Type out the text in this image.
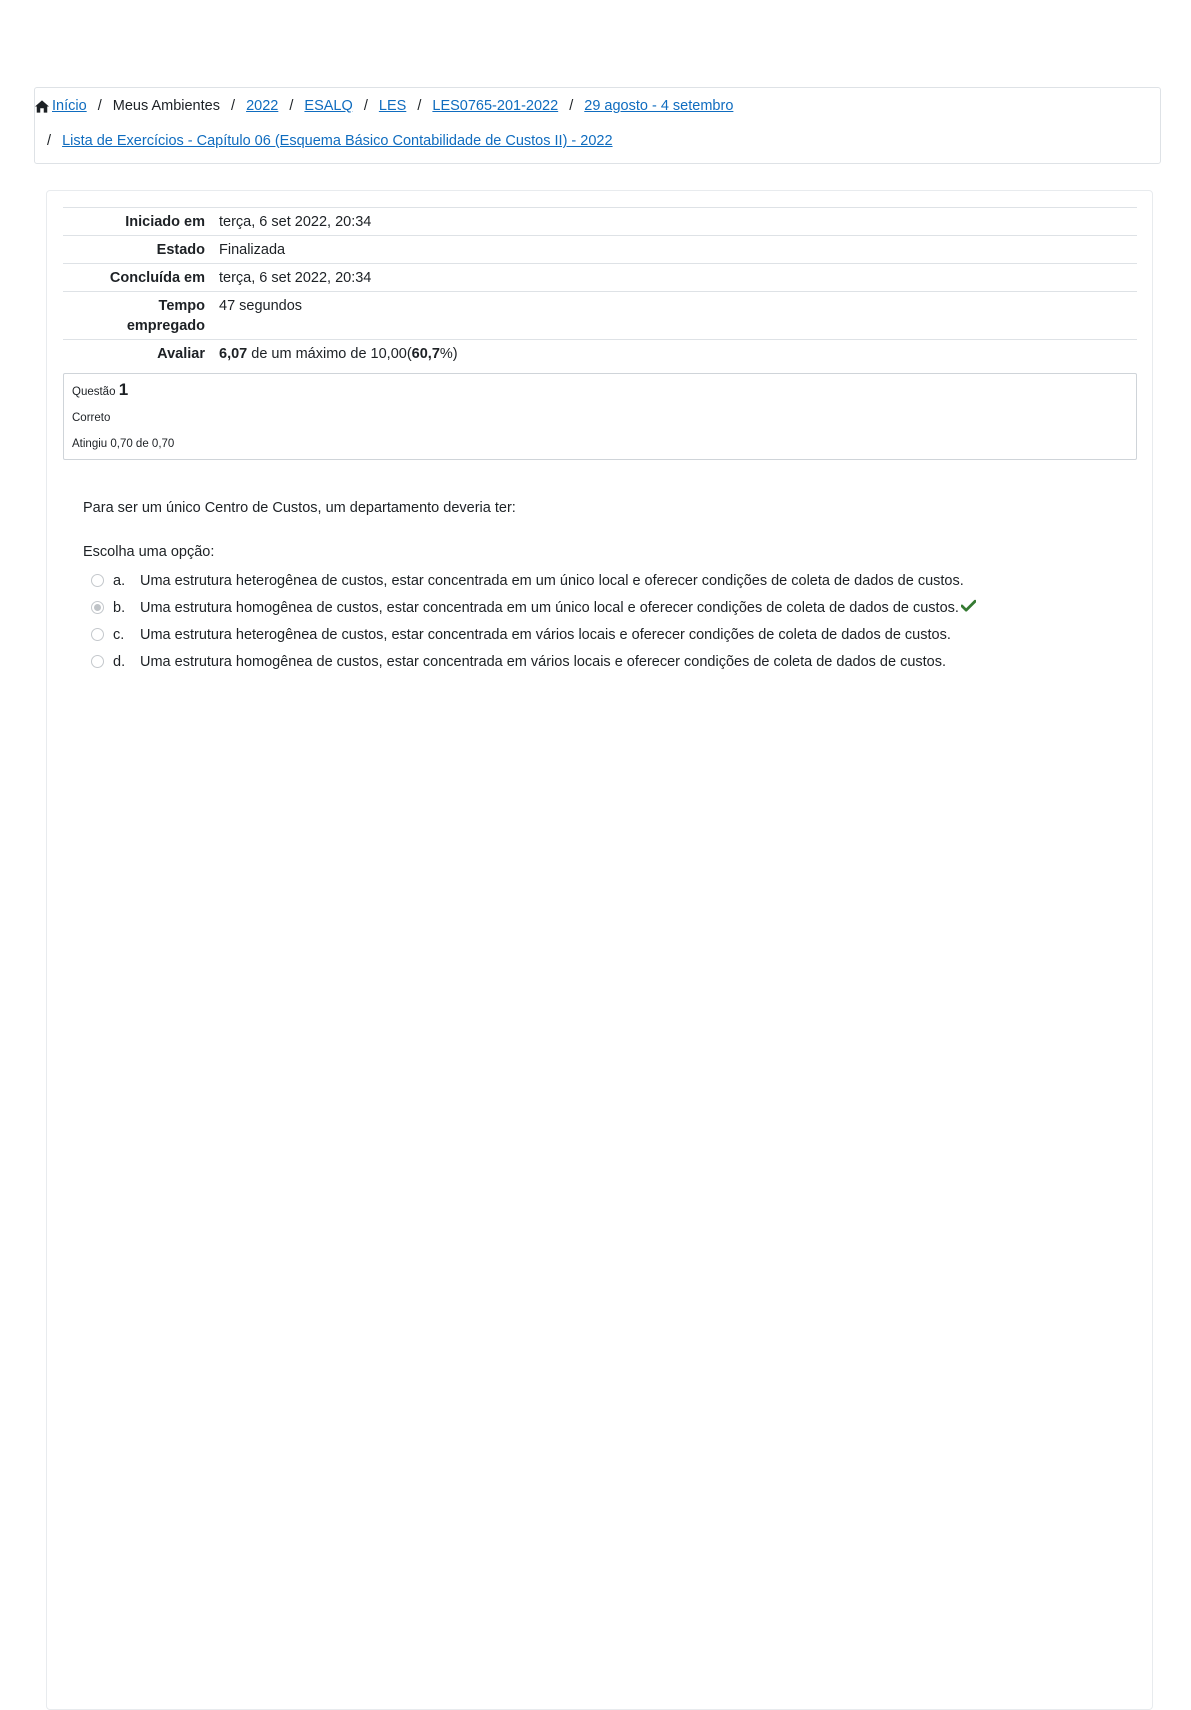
Início / Meus Ambientes / 2022 / ESALQ / LES / LES0765-201-2022 / 29 agosto - 4 setembro
/ Lista de Exercícios - Capítulo 06 (Esquema Básico Contabilidade de Custos II) - 2022
Iniciado em	terça, 6 set 2022, 20:34
Estado	Finalizada
Concluída em	terça, 6 set 2022, 20:34
Tempo
empregado	47 segundos
Avaliar	6,07 de um máximo de 10,00(60,7%)
Questão 1
Correto
Atingiu 0,70 de 0,70
Para ser um único Centro de Custos, um departamento deveria ter:
Escolha uma opção:
a.	Uma estrutura heterogênea de custos, estar concentrada em um único local e oferecer condições de coleta de dados de custos.
b.	Uma estrutura homogênea de custos, estar concentrada em um único local e oferecer condições de coleta de dados de custos.
c.	Uma estrutura heterogênea de custos, estar concentrada em vários locais e oferecer condições de coleta de dados de custos.
d.	Uma estrutura homogênea de custos, estar concentrada em vários locais e oferecer condições de coleta de dados de custos.
